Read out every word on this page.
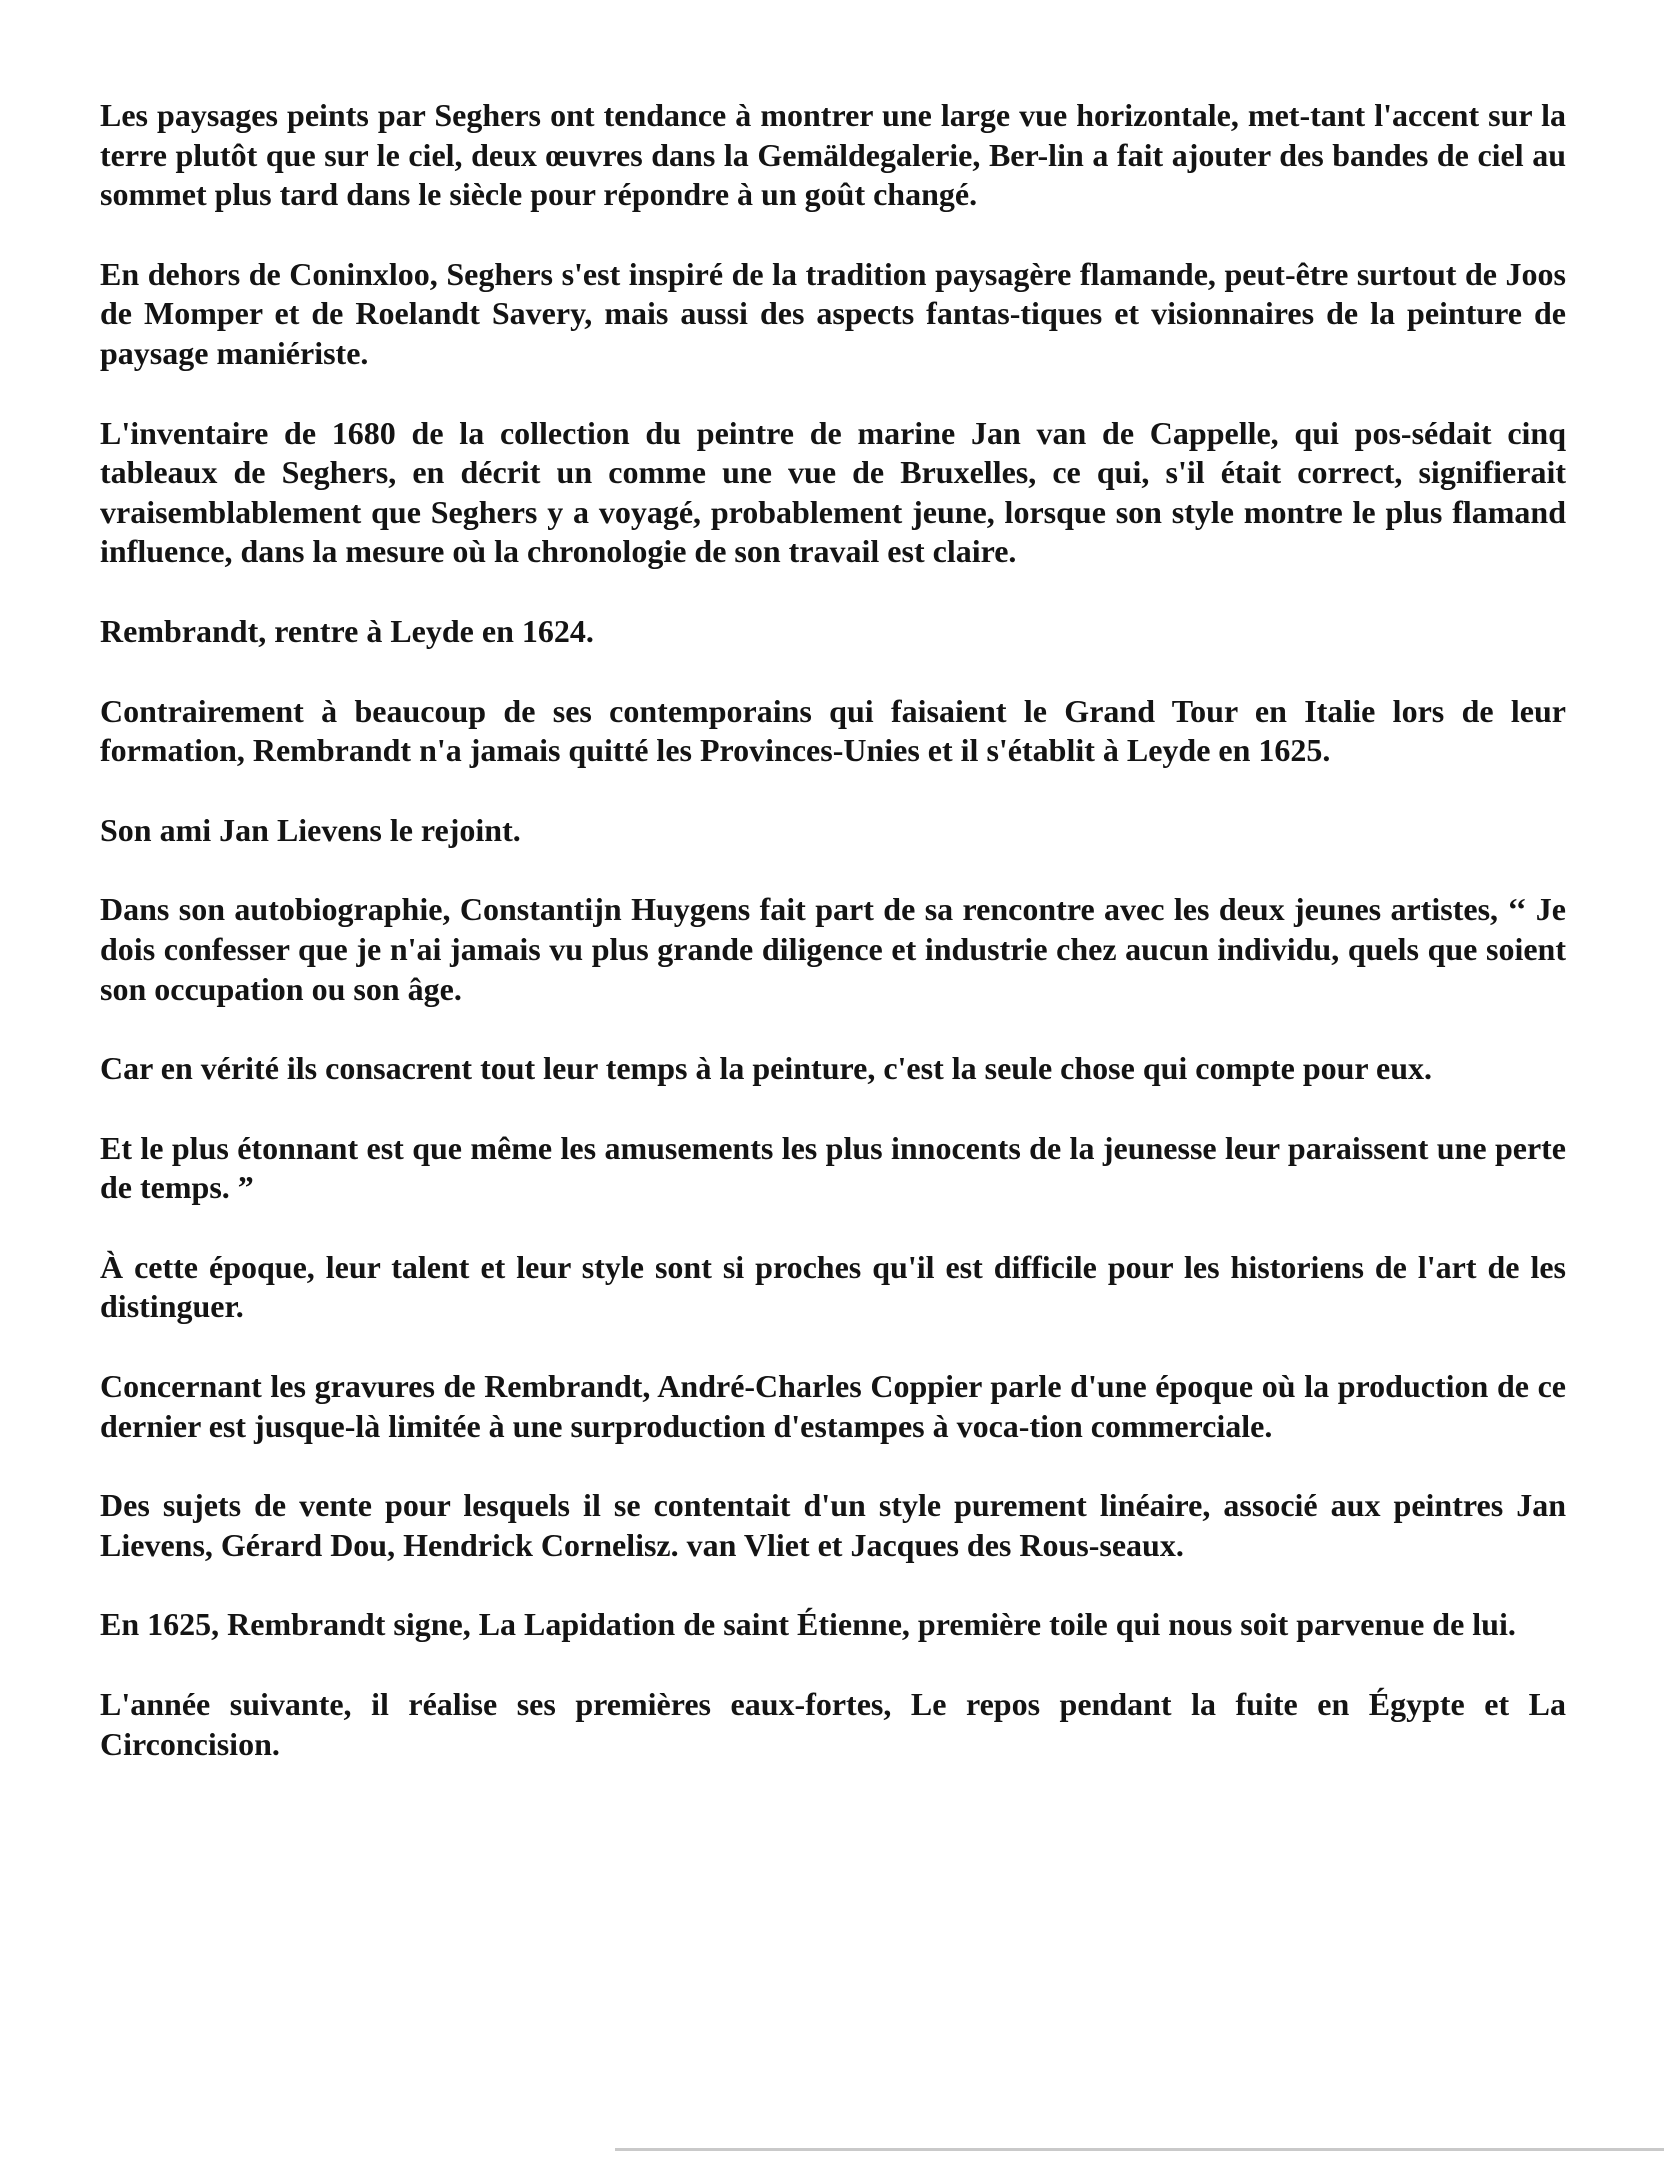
Les paysages peints par Seghers ont tendance à montrer une large vue horizontale, met-tant l'accent sur la terre plutôt que sur le ciel, deux œuvres dans la Gemäldegalerie, Ber-lin a fait ajouter des bandes de ciel au sommet plus tard dans le siècle pour répondre à un goût changé.

En dehors de Coninxloo, Seghers s'est inspiré de la tradition paysagère flamande, peut-être surtout de Joos de Momper et de Roelandt Savery, mais aussi des aspects fantas-tiques et visionnaires de la peinture de paysage maniériste.

L'inventaire de 1680 de la collection du peintre de marine Jan van de Cappelle, qui pos-sédait cinq tableaux de Seghers, en décrit un comme une vue de Bruxelles, ce qui, s'il était correct, signifierait vraisemblablement que Seghers y a voyagé, probablement jeune, lorsque son style montre le plus flamand influence, dans la mesure où la chronologie de son travail est claire.

Rembrandt, rentre à Leyde en 1624.

Contrairement à beaucoup de ses contemporains qui faisaient le Grand Tour en Italie lors de leur formation, Rembrandt n'a jamais quitté les Provinces-Unies et il s'établit à Leyde en 1625.

Son ami Jan Lievens le rejoint.

Dans son autobiographie, Constantijn Huygens fait part de sa rencontre avec les deux jeunes artistes, ‘‘ Je dois confesser que je n'ai jamais vu plus grande diligence et industrie chez aucun individu, quels que soient son occupation ou son âge.

Car en vérité ils consacrent tout leur temps à la peinture, c'est la seule chose qui compte pour eux.

Et le plus étonnant est que même les amusements les plus innocents de la jeunesse leur paraissent une perte de temps. ”

À cette époque, leur talent et leur style sont si proches qu'il est difficile pour les historiens de l'art de les distinguer.

Concernant les gravures de Rembrandt, André-Charles Coppier parle d'une époque où la production de ce dernier est jusque-là limitée à une surproduction d'estampes à voca-tion commerciale.

Des sujets de vente pour lesquels il se contentait d'un style purement linéaire, associé aux peintres Jan Lievens, Gérard Dou, Hendrick Cornelisz. van Vliet et Jacques des Rous-seaux.

En 1625, Rembrandt signe, La Lapidation de saint Étienne, première toile qui nous soit parvenue de lui.

L'année suivante, il réalise ses premières eaux-fortes, Le repos pendant la fuite en Égypte et La Circoncision.
